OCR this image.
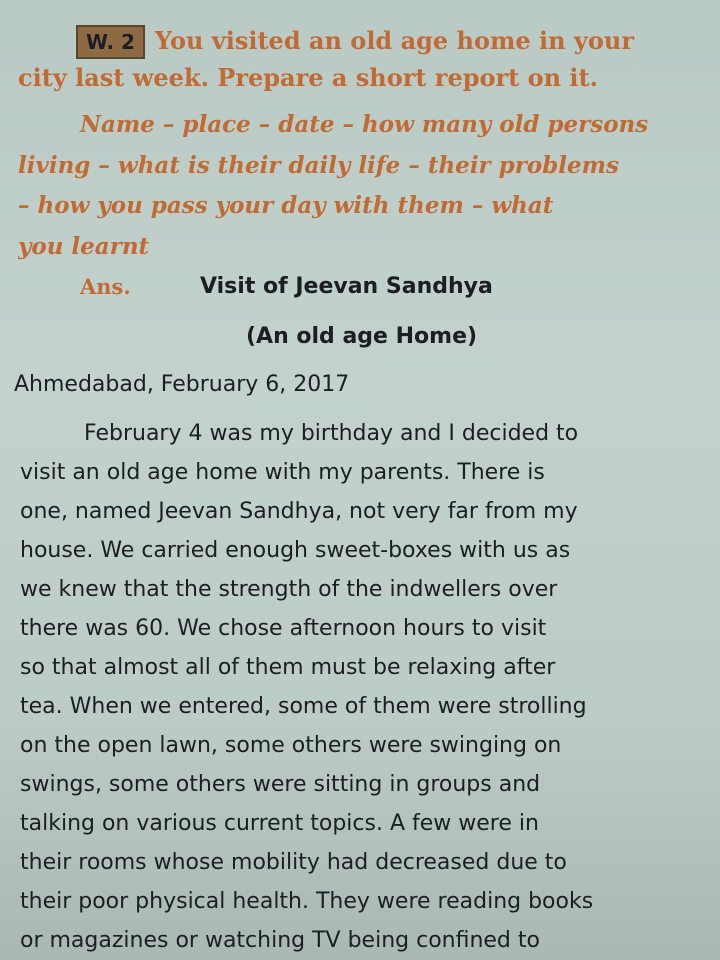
W. 2 You visited an old age home in your
city last week. Prepare a short report on it.
Name – place – date – how many old persons
living – what is their daily life – their problems
– how you pass your day with them – what
you learnt
Ans.	Visit of Jeevan Sandhya
(An old age Home)
Ahmedabad, February 6, 2017
February 4 was my birthday and I decided to
visit an old age home with my parents. There is
one, named Jeevan Sandhya, not very far from my
house. We carried enough sweet-boxes with us as
we knew that the strength of the indwellers over
there was 60. We chose afternoon hours to visit
so that almost all of them must be relaxing after
tea. When we entered, some of them were strolling
on the open lawn, some others were swinging on
swings, some others were sitting in groups and
talking on various current topics. A few were in
their rooms whose mobility had decreased due to
their poor physical health. They were reading books
or magazines or watching TV being confined to
